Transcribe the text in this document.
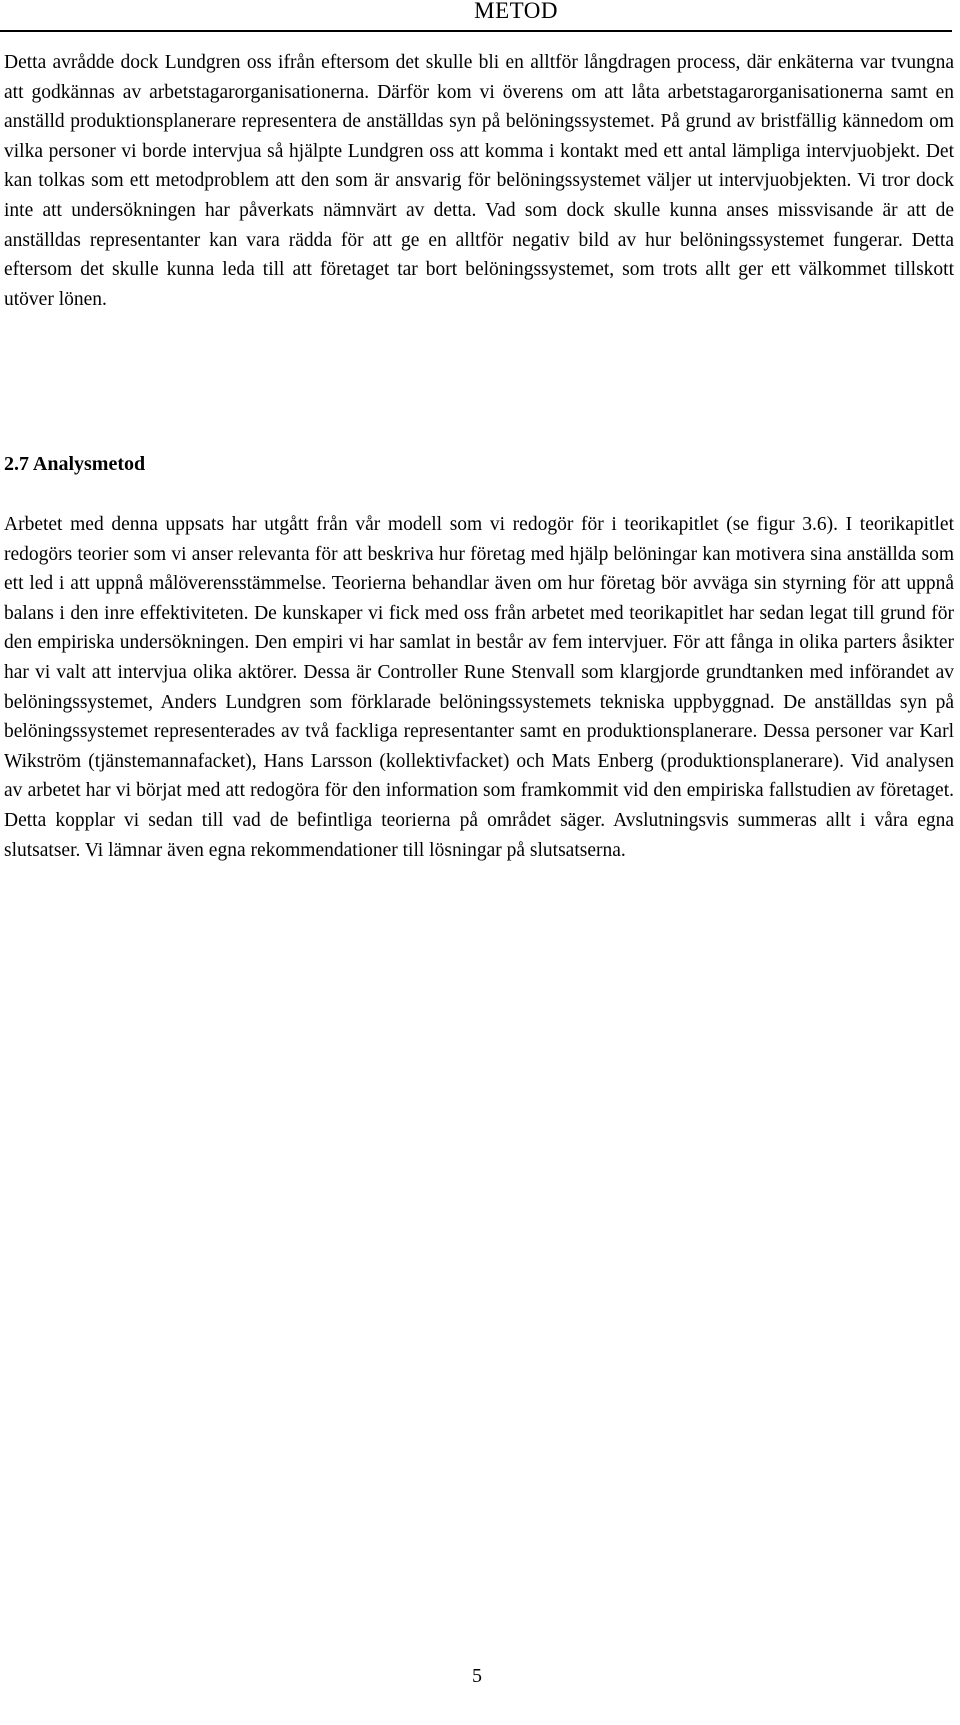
METOD

Detta avrådde dock Lundgren oss ifrån eftersom det skulle bli en alltför långdragen process, där enkäterna var tvungna att godkännas av arbetstagarorganisationerna. Därför kom vi överens om att låta arbetstagarorganisationerna samt en anställd produktionsplanerare representera de anställdas syn på belöningssystemet. På grund av bristfällig kännedom om vilka personer vi borde intervjua så hjälpte Lundgren oss att komma i kontakt med ett antal lämpliga intervjuobjekt. Det kan tolkas som ett metodproblem att den som är ansvarig för belöningssystemet väljer ut intervjuobjekten. Vi tror dock inte att undersökningen har påverkats nämnvärt av detta. Vad som dock skulle kunna anses missvisande är att de anställdas representanter kan vara rädda för att ge en alltför negativ bild av hur belöningssystemet fungerar. Detta eftersom det skulle kunna leda till att företaget tar bort belöningssystemet, som trots allt ger ett välkommet tillskott utöver lönen.

2.7 Analysmetod

Arbetet med denna uppsats har utgått från vår modell som vi redogör för i teorikapitlet (se figur 3.6). I teorikapitlet redogörs teorier som vi anser relevanta för att beskriva hur företag med hjälp belöningar kan motivera sina anställda som ett led i att uppnå målöverensstämmelse. Teorierna behandlar även om hur företag bör avväga sin styrning för att uppnå balans i den inre effektiviteten. De kunskaper vi fick med oss från arbetet med teorikapitlet har sedan legat till grund för den empiriska undersökningen. Den empiri vi har samlat in består av fem intervjuer. För att fånga in olika parters åsikter har vi valt att intervjua olika aktörer. Dessa är Controller Rune Stenvall som klargjorde grundtanken med införandet av belöningssystemet, Anders Lundgren som förklarade belöningssystemets tekniska uppbyggnad. De anställdas syn på belöningssystemet representerades av två fackliga representanter samt en produktionsplanerare. Dessa personer var Karl Wikström (tjänstemannafacket), Hans Larsson (kollektivfacket) och Mats Enberg (produktionsplanerare). Vid analysen av arbetet har vi börjat med att redogöra för den information som framkommit vid den empiriska fallstudien av företaget. Detta kopplar vi sedan till vad de befintliga teorierna på området säger. Avslutningsvis summeras allt i våra egna slutsatser. Vi lämnar även egna rekommendationer till lösningar på slutsatserna.

5
